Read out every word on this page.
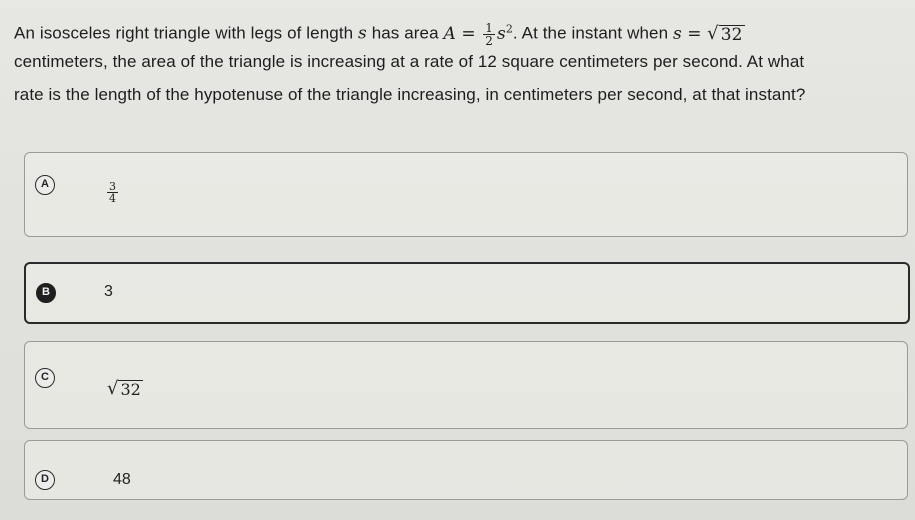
An isosceles right triangle with legs of length s has area $A = \frac{1}{2} s^2$. At the instant when s = √ 32
centimeters, the area of the triangle is increasing at a rate of 12 square centimeters per second. At what
rate is the length of the hypotenuse of the triangle increasing, in centimeters per second, at that instant?
A	$\frac{3}{4}$
B	3
C
√ 32
D	48
